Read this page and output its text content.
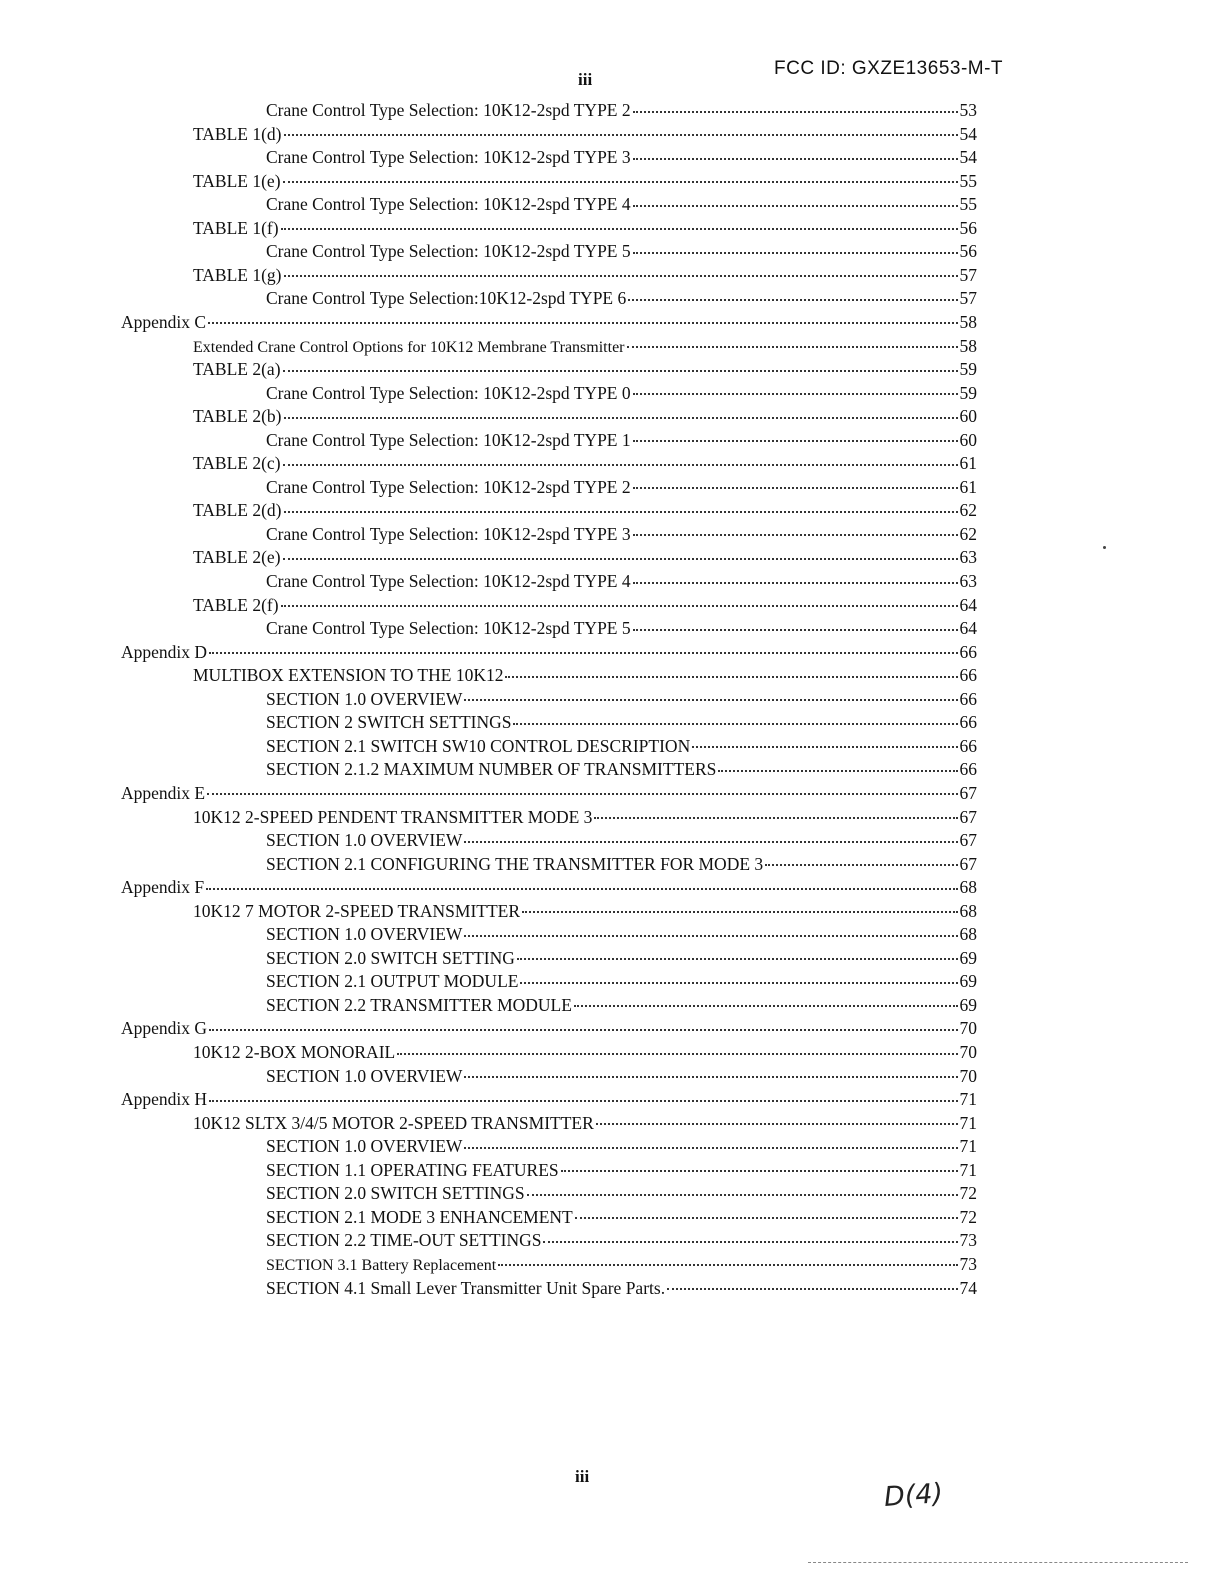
FCC ID: GXZE13653-M-T
iii
Crane Control Type Selection: 10K12-2spd TYPE 2	53
TABLE 1(d)	54
Crane Control Type Selection: 10K12-2spd TYPE 3	54
TABLE 1(e)	55
Crane Control Type Selection: 10K12-2spd TYPE 4	55
TABLE 1(f)	56
Crane Control Type Selection: 10K12-2spd TYPE 5	56
TABLE 1(g)	57
Crane Control Type Selection:10K12-2spd TYPE 6	57
Appendix C	58
Extended Crane Control Options for 10K12 Membrane Transmitter	58
TABLE 2(a)	59
Crane Control Type Selection: 10K12-2spd TYPE 0	59
TABLE 2(b)	60
Crane Control Type Selection: 10K12-2spd TYPE 1	60
TABLE 2(c)	61
Crane Control Type Selection: 10K12-2spd TYPE 2	61
TABLE 2(d)	62
Crane Control Type Selection: 10K12-2spd TYPE 3	62
TABLE 2(e)	63
Crane Control Type Selection: 10K12-2spd TYPE 4	63
TABLE 2(f)	64
Crane Control Type Selection: 10K12-2spd TYPE 5	64
Appendix D	66
MULTIBOX EXTENSION TO THE 10K12	66
SECTION 1.0 OVERVIEW	66
SECTION 2 SWITCH SETTINGS	66
SECTION 2.1 SWITCH SW10 CONTROL DESCRIPTION	66
SECTION 2.1.2 MAXIMUM NUMBER OF TRANSMITTERS	66
Appendix E	67
10K12 2-SPEED PENDENT TRANSMITTER MODE 3	67
SECTION 1.0 OVERVIEW	67
SECTION 2.1 CONFIGURING THE TRANSMITTER FOR MODE 3	67
Appendix F	68
10K12 7 MOTOR 2-SPEED TRANSMITTER	68
SECTION 1.0 OVERVIEW	68
SECTION 2.0 SWITCH SETTING	69
SECTION 2.1 OUTPUT MODULE	69
SECTION 2.2 TRANSMITTER MODULE	69
Appendix G	70
10K12 2-BOX MONORAIL	70
SECTION 1.0 OVERVIEW	70
Appendix H	71
10K12 SLTX 3/4/5 MOTOR 2-SPEED TRANSMITTER	71
SECTION 1.0 OVERVIEW	71
SECTION 1.1 OPERATING FEATURES	71
SECTION 2.0 SWITCH SETTINGS	72
SECTION 2.1 MODE 3 ENHANCEMENT	72
SECTION 2.2 TIME-OUT SETTINGS	73
SECTION 3.1 Battery Replacement	73
SECTION 4.1 Small Lever Transmitter Unit Spare Parts.	74
iii
D(4)
